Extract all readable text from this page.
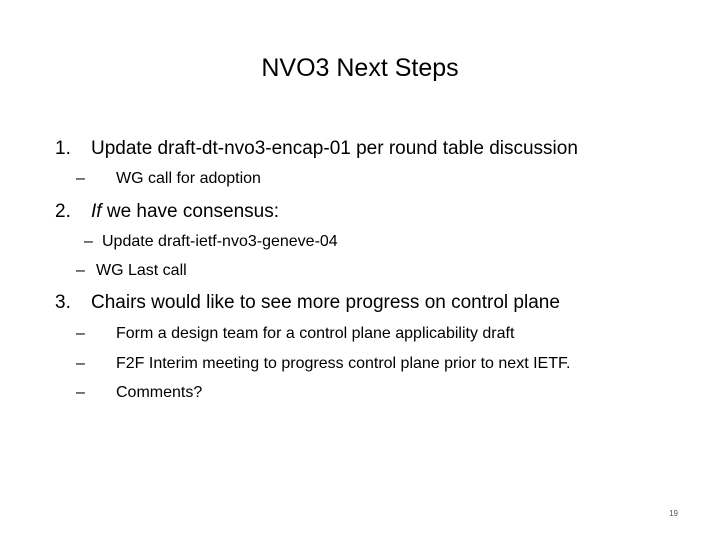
NVO3 Next Steps
1. Update draft-dt-nvo3-encap-01 per round table discussion
– WG call for adoption
2. If we have consensus:
– Update draft-ietf-nvo3-geneve-04
– WG Last call
3. Chairs would like to see more progress on control plane
– Form a design team for a control plane applicability draft
– F2F Interim meeting to progress control plane prior to next IETF.
– Comments?
19
